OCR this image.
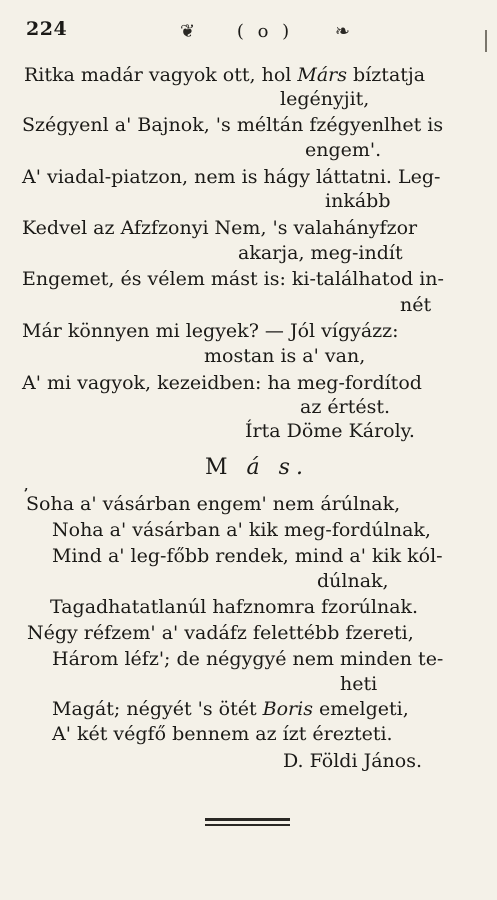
224	❦ ( o ) ❧
Ritka madár vagyok ott, hol Márs bíztatja
legényjit,
Szégyenl a' Bajnok, 's méltán fzégyenlhet is
engem'.
A' viadal-piatzon, nem is hágy láttatni. Leg-
inkább
Kedvel az Afzfzonyi Nem, 's valahányfzor
akarja, meg-indít
Engemet, és vélem mást is: ki-találhatod in-
nét
Már könnyen mi legyek? — Jól vígyázz:
mostan is a' van,
A' mi vagyok, kezeidben: ha meg-fordítod
az értést.
Írta Döme Károly.
M á s.
‚
Soha a' vásárban engem' nem árúlnak,
Noha a' vásárban a' kik meg-fordúlnak,
Mind a' leg-főbb rendek, mind a' kik kól-
dúlnak,
Tagadhatatlanúl hafznomra fzorúlnak.
Négy réfzem' a' vadáfz felettébb fzereti,
Három léfz'; de négygyé nem minden te-
heti
Magát; négyét 's ötét Boris emelgeti,
A' két végfő bennem az ízt érezteti.
D. Földi János.
